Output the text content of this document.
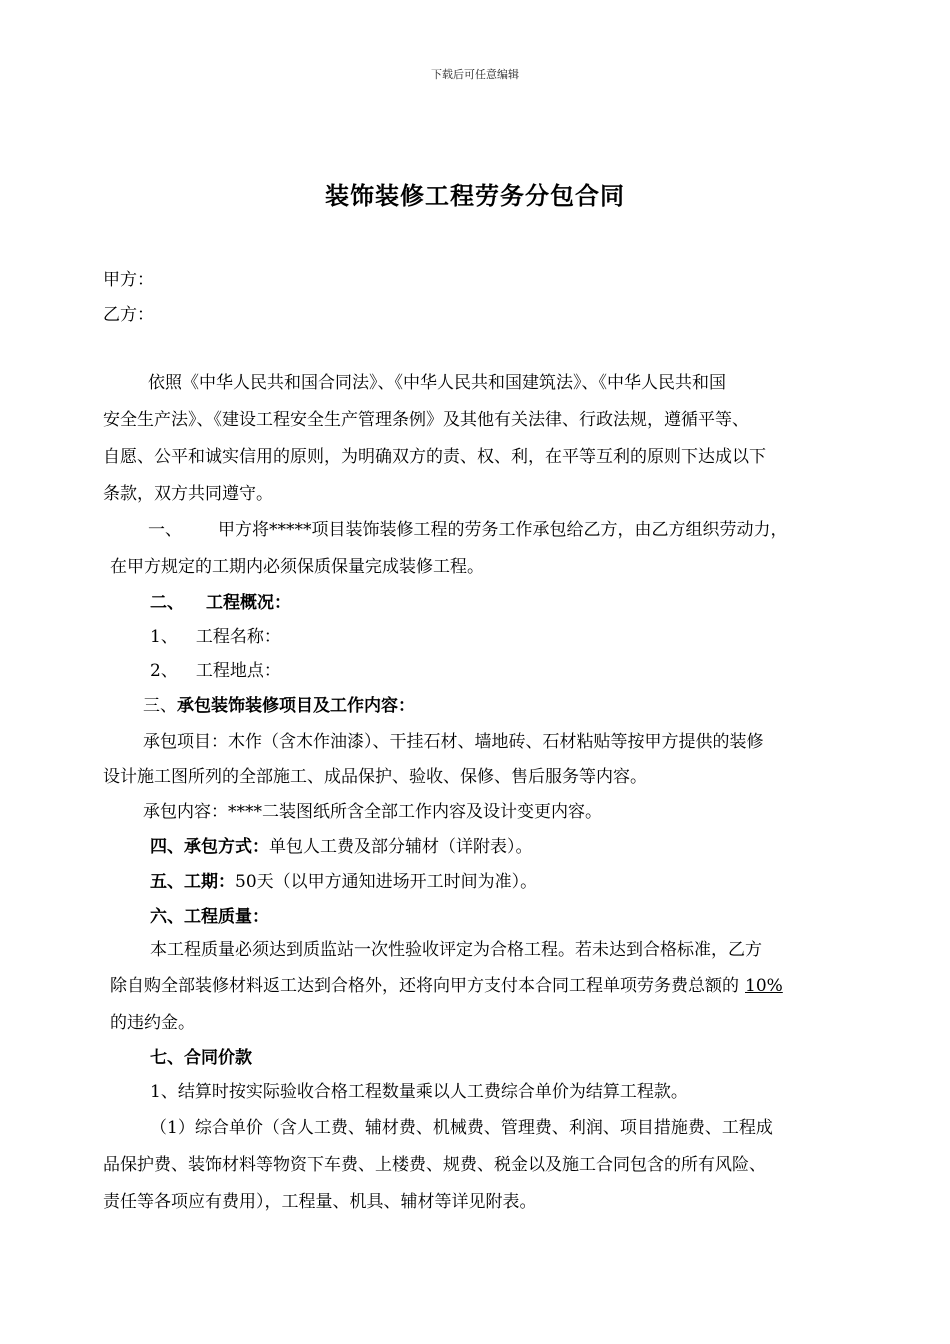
下载后可任意编辑
装饰装修工程劳务分包合同
甲方：
乙方：
依照《中华人民共和国合同法》、《中华人民共和国建筑法》、《中华人民共和国
安全生产法》、《建设工程安全生产管理条例》及其他有关法律、行政法规，遵循平等、
自愿、公平和诚实信用的原则，为明确双方的责、权、利，在平等互利的原则下达成以下
条款，双方共同遵守。
一、 甲方将*****项目装饰装修工程的劳务工作承包给乙方，由乙方组织劳动力，
在甲方规定的工期内必须保质保量完成装修工程。
二、 工程概况：
1、 工程名称：
2、 工程地点：
三、承包装饰装修项目及工作内容：
承包项目：木作（含木作油漆）、干挂石材、墙地砖、石材粘贴等按甲方提供的装修
设计施工图所列的全部施工、成品保护、验收、保修、售后服务等内容。
承包内容：****二装图纸所含全部工作内容及设计变更内容。
四、承包方式：单包人工费及部分辅材（详附表）。
五、工期：50天（以甲方通知进场开工时间为准）。
六、工程质量：
本工程质量必须达到质监站一次性验收评定为合格工程。若未达到合格标准，乙方
除自购全部装修材料返工达到合格外，还将向甲方支付本合同工程单项劳务费总额的 10%
的违约金。
七、合同价款
1、结算时按实际验收合格工程数量乘以人工费综合单价为结算工程款。
（1）综合单价（含人工费、辅材费、机械费、管理费、利润、项目措施费、工程成
品保护费、装饰材料等物资下车费、上楼费、规费、税金以及施工合同包含的所有风险、
责任等各项应有费用），工程量、机具、辅材等详见附表。
